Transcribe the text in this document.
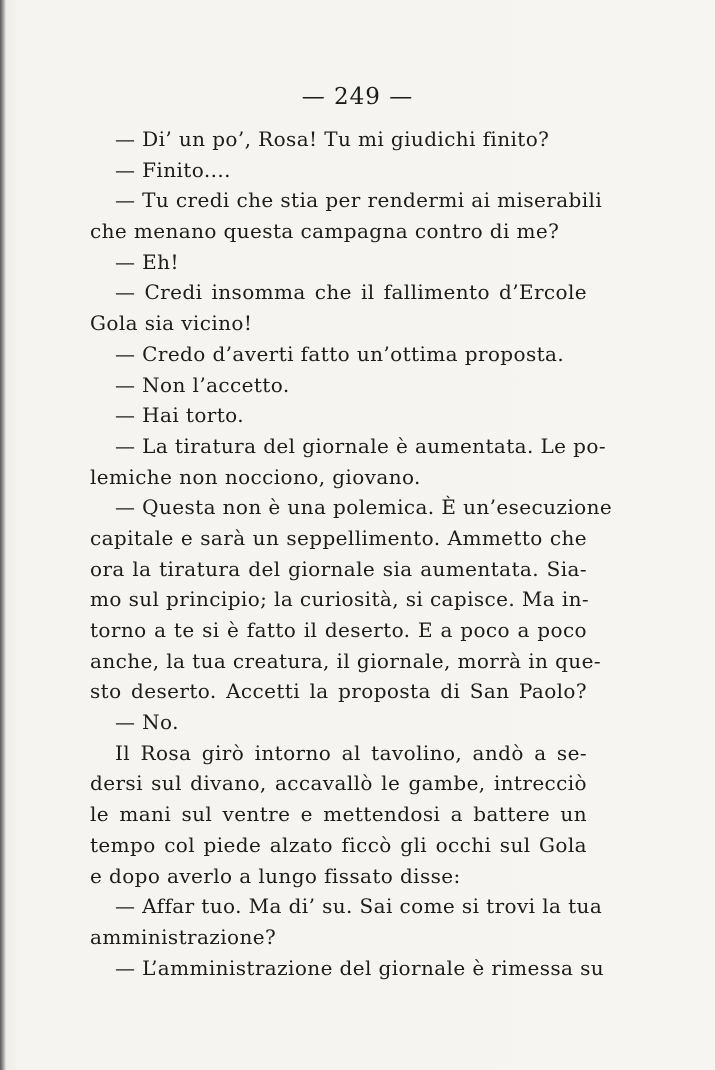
— 249 —
— Di’ un po’, Rosa! Tu mi giudichi finito?
— Finito....
— Tu credi che stia per rendermi ai miserabili
che menano questa campagna contro di me?
— Eh!
— Credi insomma che il fallimento d’Ercole
Gola sia vicino!
— Credo d’averti fatto un’ottima proposta.
— Non l’accetto.
— Hai torto.
— La tiratura del giornale è aumentata. Le po-
lemiche non nocciono, giovano.
— Questa non è una polemica. È un’esecuzione
capitale e sarà un seppellimento. Ammetto che
ora la tiratura del giornale sia aumentata. Sia-
mo sul principio; la curiosità, si capisce. Ma in-
torno a te si è fatto il deserto. E a poco a poco
anche, la tua creatura, il giornale, morrà in que-
sto deserto. Accetti la proposta di San Paolo?
— No.
Il Rosa girò intorno al tavolino, andò a se-
dersi sul divano, accavallò le gambe, intrecciò
le mani sul ventre e mettendosi a battere un
tempo col piede alzato ficcò gli occhi sul Gola
e dopo averlo a lungo fissato disse:
— Affar tuo. Ma di’ su. Sai come si trovi la tua
amministrazione?
— L’amministrazione del giornale è rimessa su
